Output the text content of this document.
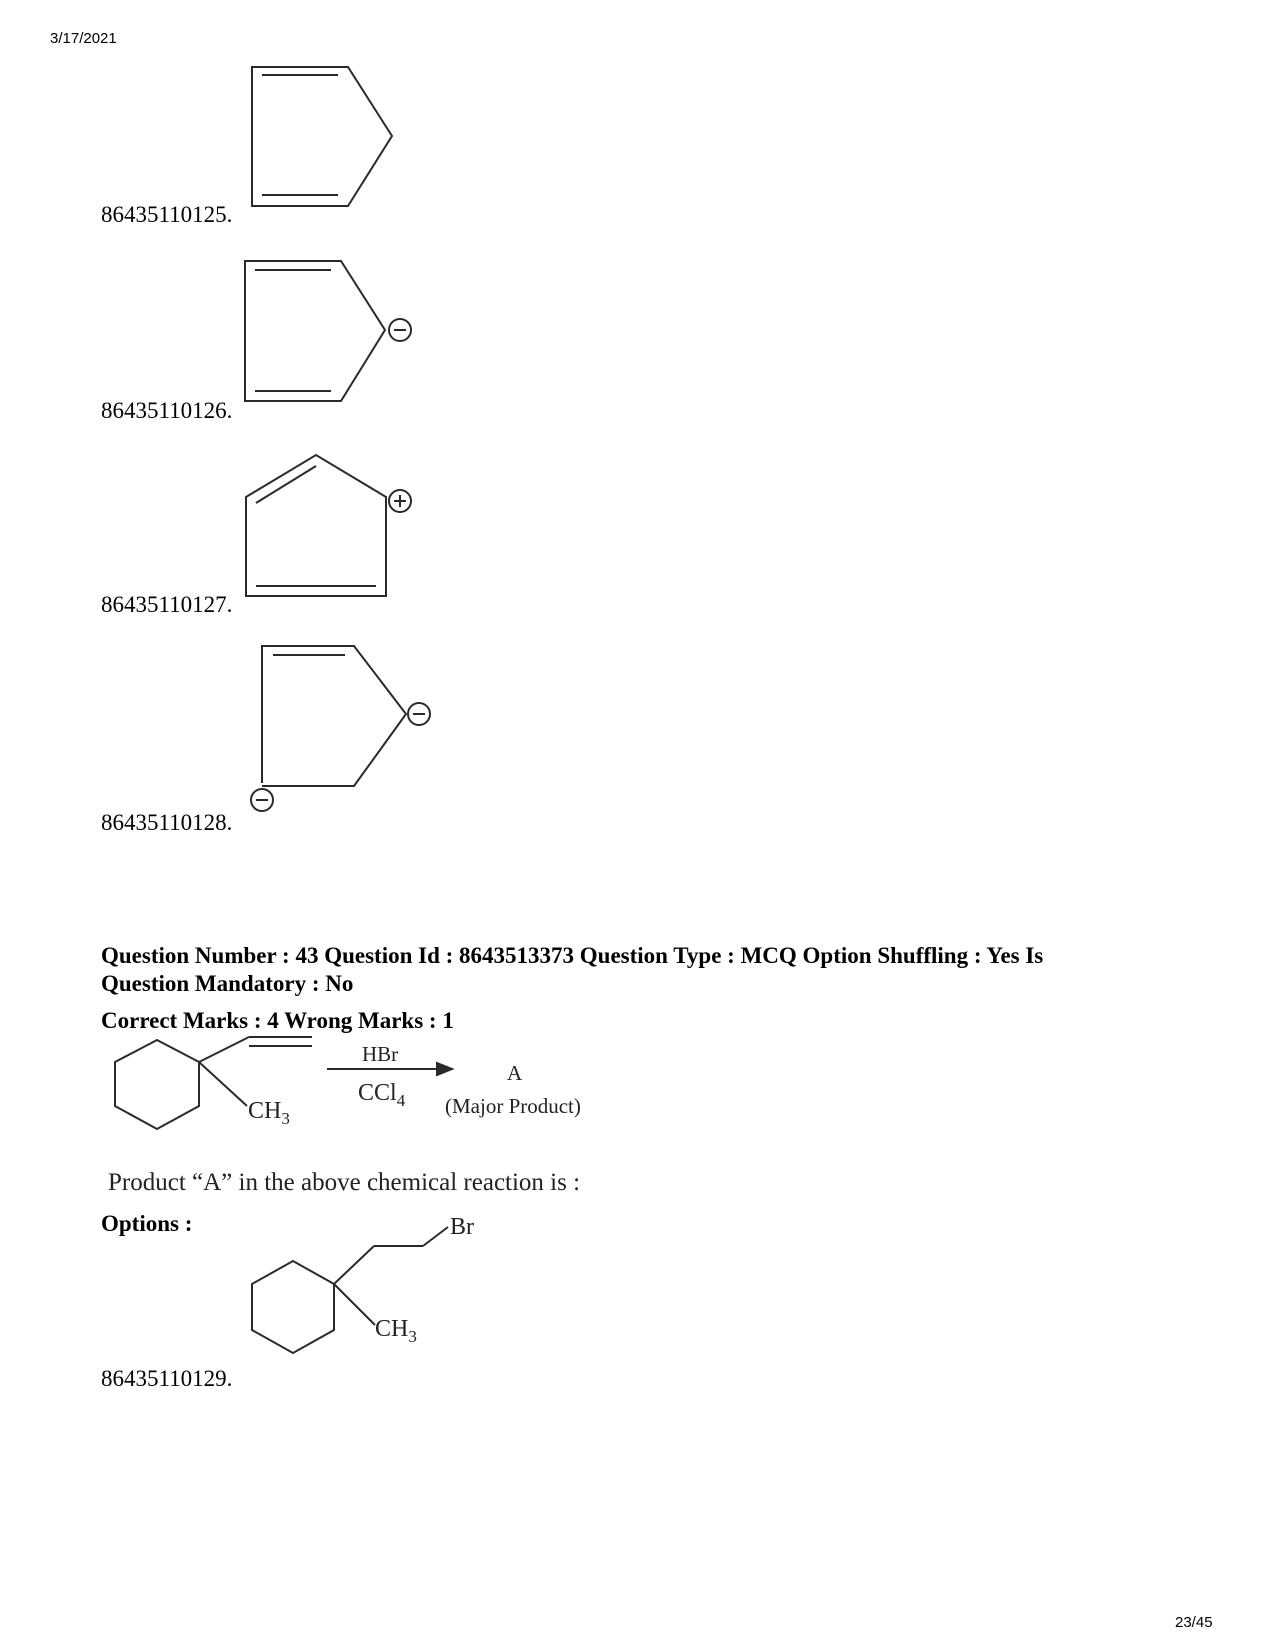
3/17/2021
86435110125.
86435110126.
86435110127.
86435110128.
Question Number : 43 Question Id : 8643513373 Question Type : MCQ Option Shuffling : Yes Is
Question Mandatory : No
Correct Marks : 4 Wrong Marks : 1
$CH_3$
HBr
CCl$_4$
A
(Major Product)
Product “A” in the above chemical reaction is :
Options :
86435110129.
Br
$CH_3$
23/45
